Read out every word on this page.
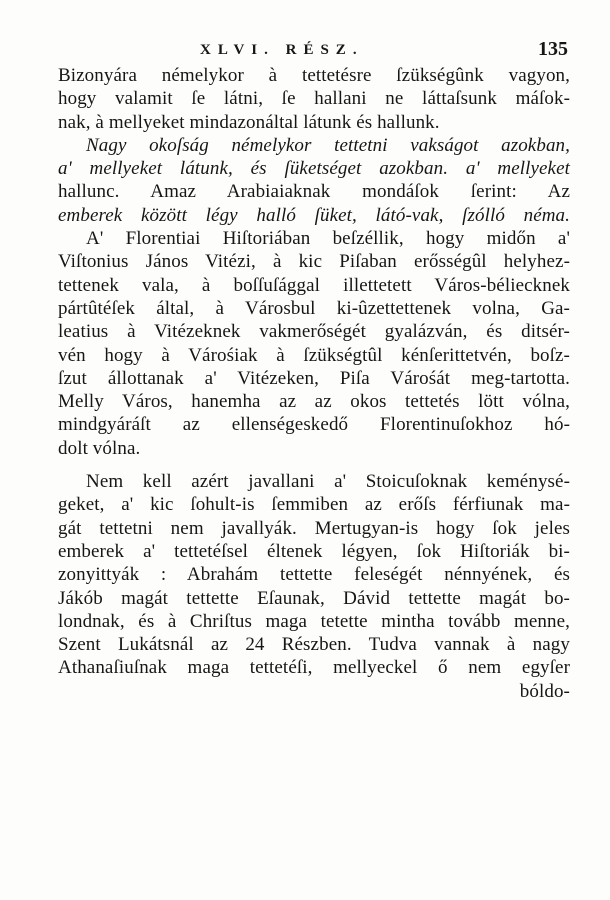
XLVI. RÉSZ.	135
Bizonyára némelykor à tettetésre ſzükségûnk vagyon,
hogy valamit ſe látni, ſe hallani ne láttaſsunk máſok-
nak, à mellyeket mindazonáltal látunk és hallunk.
Nagy okoſság némelykor tettetni vakságot azokban,
a' mellyeket látunk, és ſüketséget azokban. a' mellyeket
hallunc. Amaz Arabiaiaknak mondáſok ſerint: Az
emberek között légy halló ſüket, látó-vak, ſzólló néma.
A' Florentiai Hiſtoriában beſzéllik, hogy midőn a'
Viſtonius János Vitézi, à kic Piſaban erősségûl helyhez-
tettenek vala, à boſſuſággal illettetett Város-béliecknek
pártûtéſek által, à Városbul ki-ûzettettenek volna, Ga-
leatius à Vitézeknek vakmerőségét gyalázván, és ditsér-
vén hogy à Várośiak à ſzükségtûl kénſerittetvén, boſz-
ſzut állottanak a' Vitézeken, Piſa Várośát meg-tartotta.
Melly Város, hanemha az az okos tettetés lött vólna,
mindgyáráſt az ellenségeskedő Florentinuſokhoz hó-
dolt vólna.
Nem kell azért javallani a' Stoicuſoknak keménysé-
geket, a' kic ſohult-is ſemmiben az erőſs férfiunak ma-
gát tettetni nem javallyák. Mertugyan-is hogy ſok jeles
emberek a' tettetéſsel éltenek légyen, ſok Hiſtoriák bi-
zonyittyák : Abrahám tettette feleségét nénnyének, és
Jákób magát tettette Eſaunak, Dávid tettette magát bo-
londnak, és à Chriſtus maga tetette mintha tovább menne,
Szent Lukátsnál az 24 Részben. Tudva vannak à nagy
Athanaſiuſnak maga tettetéſi, mellyeckel ő nem egyſer
bóldo-
